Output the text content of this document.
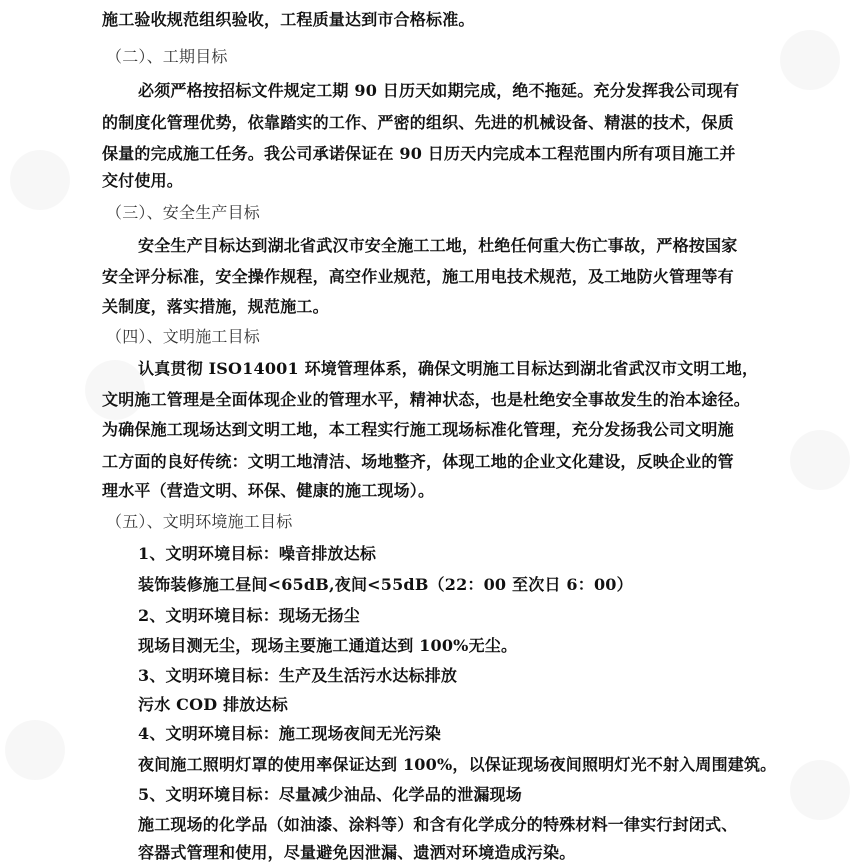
施工验收规范组织验收，工程质量达到市合格标准。
（二）、工期目标
必须严格按招标文件规定工期 90 日历天如期完成，绝不拖延。充分发挥我公司现有
的制度化管理优势，依靠踏实的工作、严密的组织、先进的机械设备、精湛的技术，保质
保量的完成施工任务。我公司承诺保证在 90 日历天内完成本工程范围内所有项目施工并
交付使用。
（三）、安全生产目标
安全生产目标达到湖北省武汉市安全施工工地，杜绝任何重大伤亡事故，严格按国家
安全评分标准，安全操作规程，高空作业规范，施工用电技术规范，及工地防火管理等有
关制度，落实措施，规范施工。
（四）、文明施工目标
认真贯彻 ISO14001 环境管理体系，确保文明施工目标达到湖北省武汉市文明工地，
文明施工管理是全面体现企业的管理水平，精神状态，也是杜绝安全事故发生的治本途径。
为确保施工现场达到文明工地，本工程实行施工现场标准化管理，充分发扬我公司文明施
工方面的良好传统：文明工地清洁、场地整齐，体现工地的企业文化建设，反映企业的管
理水平（营造文明、环保、健康的施工现场）。
（五）、文明环境施工目标
1、文明环境目标：噪音排放达标
装饰装修施工昼间<65dB,夜间<55dB（22：00 至次日 6：00）
2、文明环境目标：现场无扬尘
现场目测无尘，现场主要施工通道达到 100%无尘。
3、文明环境目标：生产及生活污水达标排放
污水 COD 排放达标
4、文明环境目标：施工现场夜间无光污染
夜间施工照明灯罩的使用率保证达到 100%，以保证现场夜间照明灯光不射入周围建筑。
5、文明环境目标：尽量减少油品、化学品的泄漏现场
施工现场的化学品（如油漆、涂料等）和含有化学成分的特殊材料一律实行封闭式、
容器式管理和使用，尽量避免因泄漏、遗洒对环境造成污染。
